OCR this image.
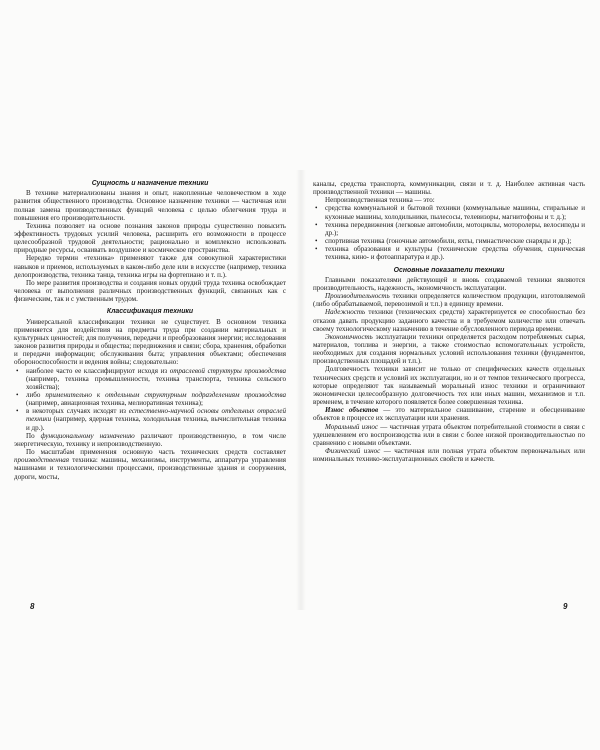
Сущность и назначение техники

В технике материализованы знания и опыт, накопленные человечеством в ходе развития общественного производства. Основное назначение техники — частичная или полная замена производственных функций человека с целью облегчения труда и повышения его производительности.

Техника позволяет на основе познания законов природы существенно повысить эффективность трудовых усилий человека, расширить его возможности в процессе целесообразной трудовой деятельности; рационально и комплексно использовать природные ресурсы, осваивать воздушное и космическое пространства.

Нередко термин «техника» применяют также для совокупной характеристики навыков и приемов, используемых в каком-либо деле или в искусстве (например, техника делопроизводства, техника танца, техника игры на фортепиано и т. п.).

По мере развития производства и создания новых орудий труда техника освобождает человека от выполнения различных производственных функций, связанных как с физическим, так и с умственным трудом.

Классификация техники

Универсальной классификации техники не существует. В основном техника применяется для воздействия на предметы труда при создании материальных и культурных ценностей; для получения, передачи и преобразования энергии; исследования законов развития природы и общества; передвижения и связи; сбора, хранения, обработки и передачи информации; обслуживания быта; управления объектами; обеспечения обороноспособности и ведения войны; следовательно:

• наиболее часто ее классифицируют исходя из отраслевой структуры производства (например, техника промышленности, техника транспорта, техника сельского хозяйства);
• либо применительно к отдельным структурным подразделениям производства (например, авиационная техника, мелиоративная техника);
• в некоторых случаях исходят из естественно-научной основы отдельных отраслей техники (например, ядерная техника, холодильная техника, вычислительная техника и др.).

По функциональному назначению различают производственную, в том числе энергетическую, технику и непроизводственную.

По масштабам применения основную часть технических средств составляет производственная техника: машины, механизмы, инструменты, аппаратура управления машинами и технологическими процессами, производственные здания и сооружения, дороги, мосты,

8

каналы, средства транспорта, коммуникации, связи и т. д. Наиболее активная часть производственной техники — машины.

Непроизводственная техника — это:

• средства коммунальной и бытовой техники (коммунальные машины, стиральные и кухонные машины, холодильники, пылесосы, телевизоры, магнитофоны и т. д.);
• техника передвижения (легковые автомобили, мотоциклы, моторолеры, велосипеды и др.);
• спортивная техника (гоночные автомобили, яхты, гимнастические снаряды и др.);
• техника образования и культуры (технические средства обучения, сценическая техника, кино- и фотоаппаратура и др.).
Основные показатели техники

Главными показателями действующей и вновь создаваемой техники являются производительность, надежность, экономичность эксплуатации.

Производительность техники определяется количеством продукции, изготовляемой (либо обрабатываемой, перевозимой и т.п.) в единицу времени.

Надежность техники (технических средств) характеризуется ее способностью без отказов давать продукцию заданного качества и в требуемом количестве или отвечать своему технологическому назначению в течение обусловленного периода времени.

Экономичность эксплуатации техники определяется расходом потребляемых сырья, материалов, топлива и энергии, а также стоимостью вспомогательных устройств, необходимых для создания нормальных условий использования техники (фундаментов, производственных площадей и т.п.).

Долговечность техники зависит не только от специфических качеств отдельных технических средств и условий их эксплуатации, но и от темпов технического прогресса, которые определяют так называемый моральный износ техники и ограничивают экономически целесообразную долговечность тех или иных машин, механизмов и т.п. временем, в течение которого появляется более совершенная техника.

Износ объектов — это материальное снашивание, старение и обесценивание объектов в процессе их эксплуатации или хранения.

Моральный износ — частичная утрата объектом потребительной стоимости в связи с удешевлением его воспроизводства или в связи с более низкой производительностью по сравнению с новыми объектами.

Физический износ — частичная или полная утрата объектом первоначальных или номинальных технико-эксплуатационных свойств и качеств.

9
